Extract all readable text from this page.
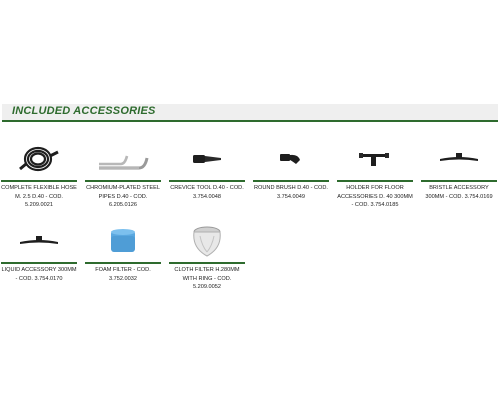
INCLUDED ACCESSORIES
COMPLETE FLEXIBLE HOSE
M. 2.5 D.40 - COD.
5.209.0021
CHROMIUM-PLATED STEEL
PIPES D.40 - COD.
6.205.0126
CREVICE TOOL D.40 - COD.
3.754.0048
ROUND BRUSH D.40 - COD.
3.754.0049
HOLDER FOR FLOOR
ACCESSORIES D. 40 300MM
- COD. 3.754.0185
BRISTLE ACCESSORY
300MM - COD. 3.754.0169
LIQUID ACCESSORY 300MM
- COD. 3.754.0170
FOAM FILTER - COD.
3.752.0032
CLOTH FILTER H.280MM
WITH RING - COD.
5.209.0052
